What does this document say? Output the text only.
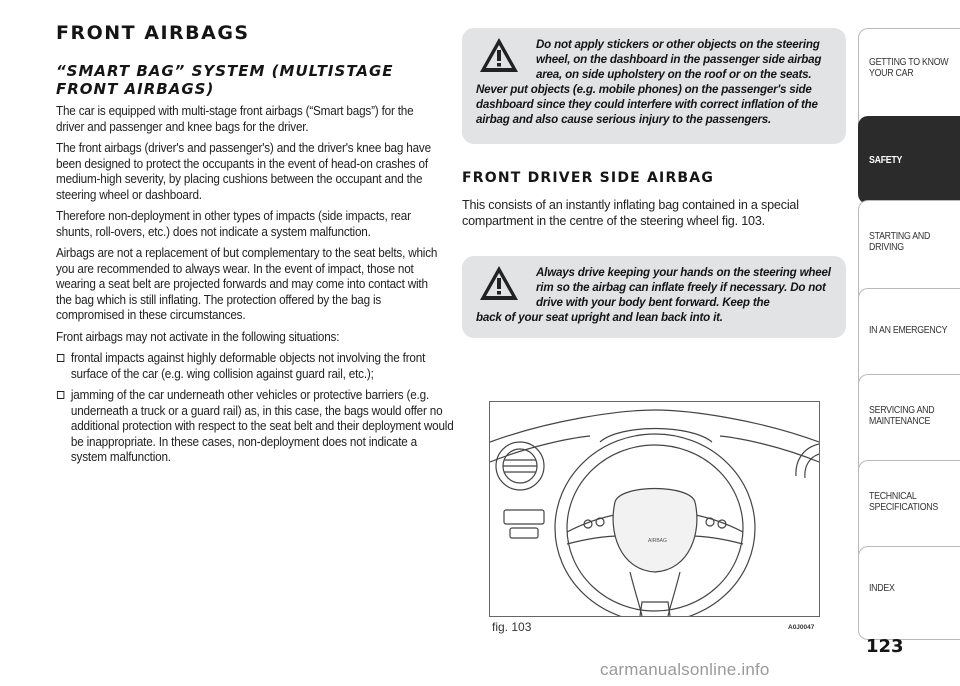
FRONT AIRBAGS
“SMART BAG” SYSTEM (MULTISTAGE FRONT AIRBAGS)

The car is equipped with multi-stage front airbags (“Smart bags”) for the driver and passenger and knee bags for the driver.

The front airbags (driver's and passenger's) and the driver's knee bag have been designed to protect the occupants in the event of head-on crashes of medium-high severity, by placing cushions between the occupant and the steering wheel or dashboard.

Therefore non-deployment in other types of impacts (side impacts, rear shunts, roll-overs, etc.) does not indicate a system malfunction.

Airbags are not a replacement of but complementary to the seat belts, which you are recommended to always wear. In the event of impact, those not wearing a seat belt are projected forwards and may come into contact with the bag which is still inflating. The protection offered by the bag is compromised in these circumstances.

Front airbags may not activate in the following situations:

frontal impacts against highly deformable objects not involving the front surface of the car (e.g. wing collision against guard rail, etc.);
jamming of the car underneath other vehicles or protective barriers (e.g. underneath a truck or a guard rail) as, in this case, the bags would offer no additional protection with respect to the seat belt and their deployment would be inappropriate. In these cases, non-deployment does not indicate a system malfunction.
Do not apply stickers or other objects on the steering wheel, on the dashboard in the passenger side airbag area, on side upholstery on the roof or on the seats.
Never put objects (e.g. mobile phones) on the passenger's side dashboard since they could interfere with correct inflation of the airbag and also cause serious injury to the passengers.
FRONT DRIVER SIDE AIRBAG

This consists of an instantly inflating bag contained in a special compartment in the centre of the steering wheel fig. 103.

Always drive keeping your hands on the steering wheel rim so the airbag can inflate freely if necessary. Do not drive with your body bent forward. Keep the
back of your seat upright and lean back into it.
AIRBAG
fig. 103	A0J0047
GETTING TO KNOW YOUR CAR
SAFETY
STARTING AND DRIVING
IN AN EMERGENCY
SERVICING AND MAINTENANCE
TECHNICAL SPECIFICATIONS
INDEX
123
carmanualsonline.info
